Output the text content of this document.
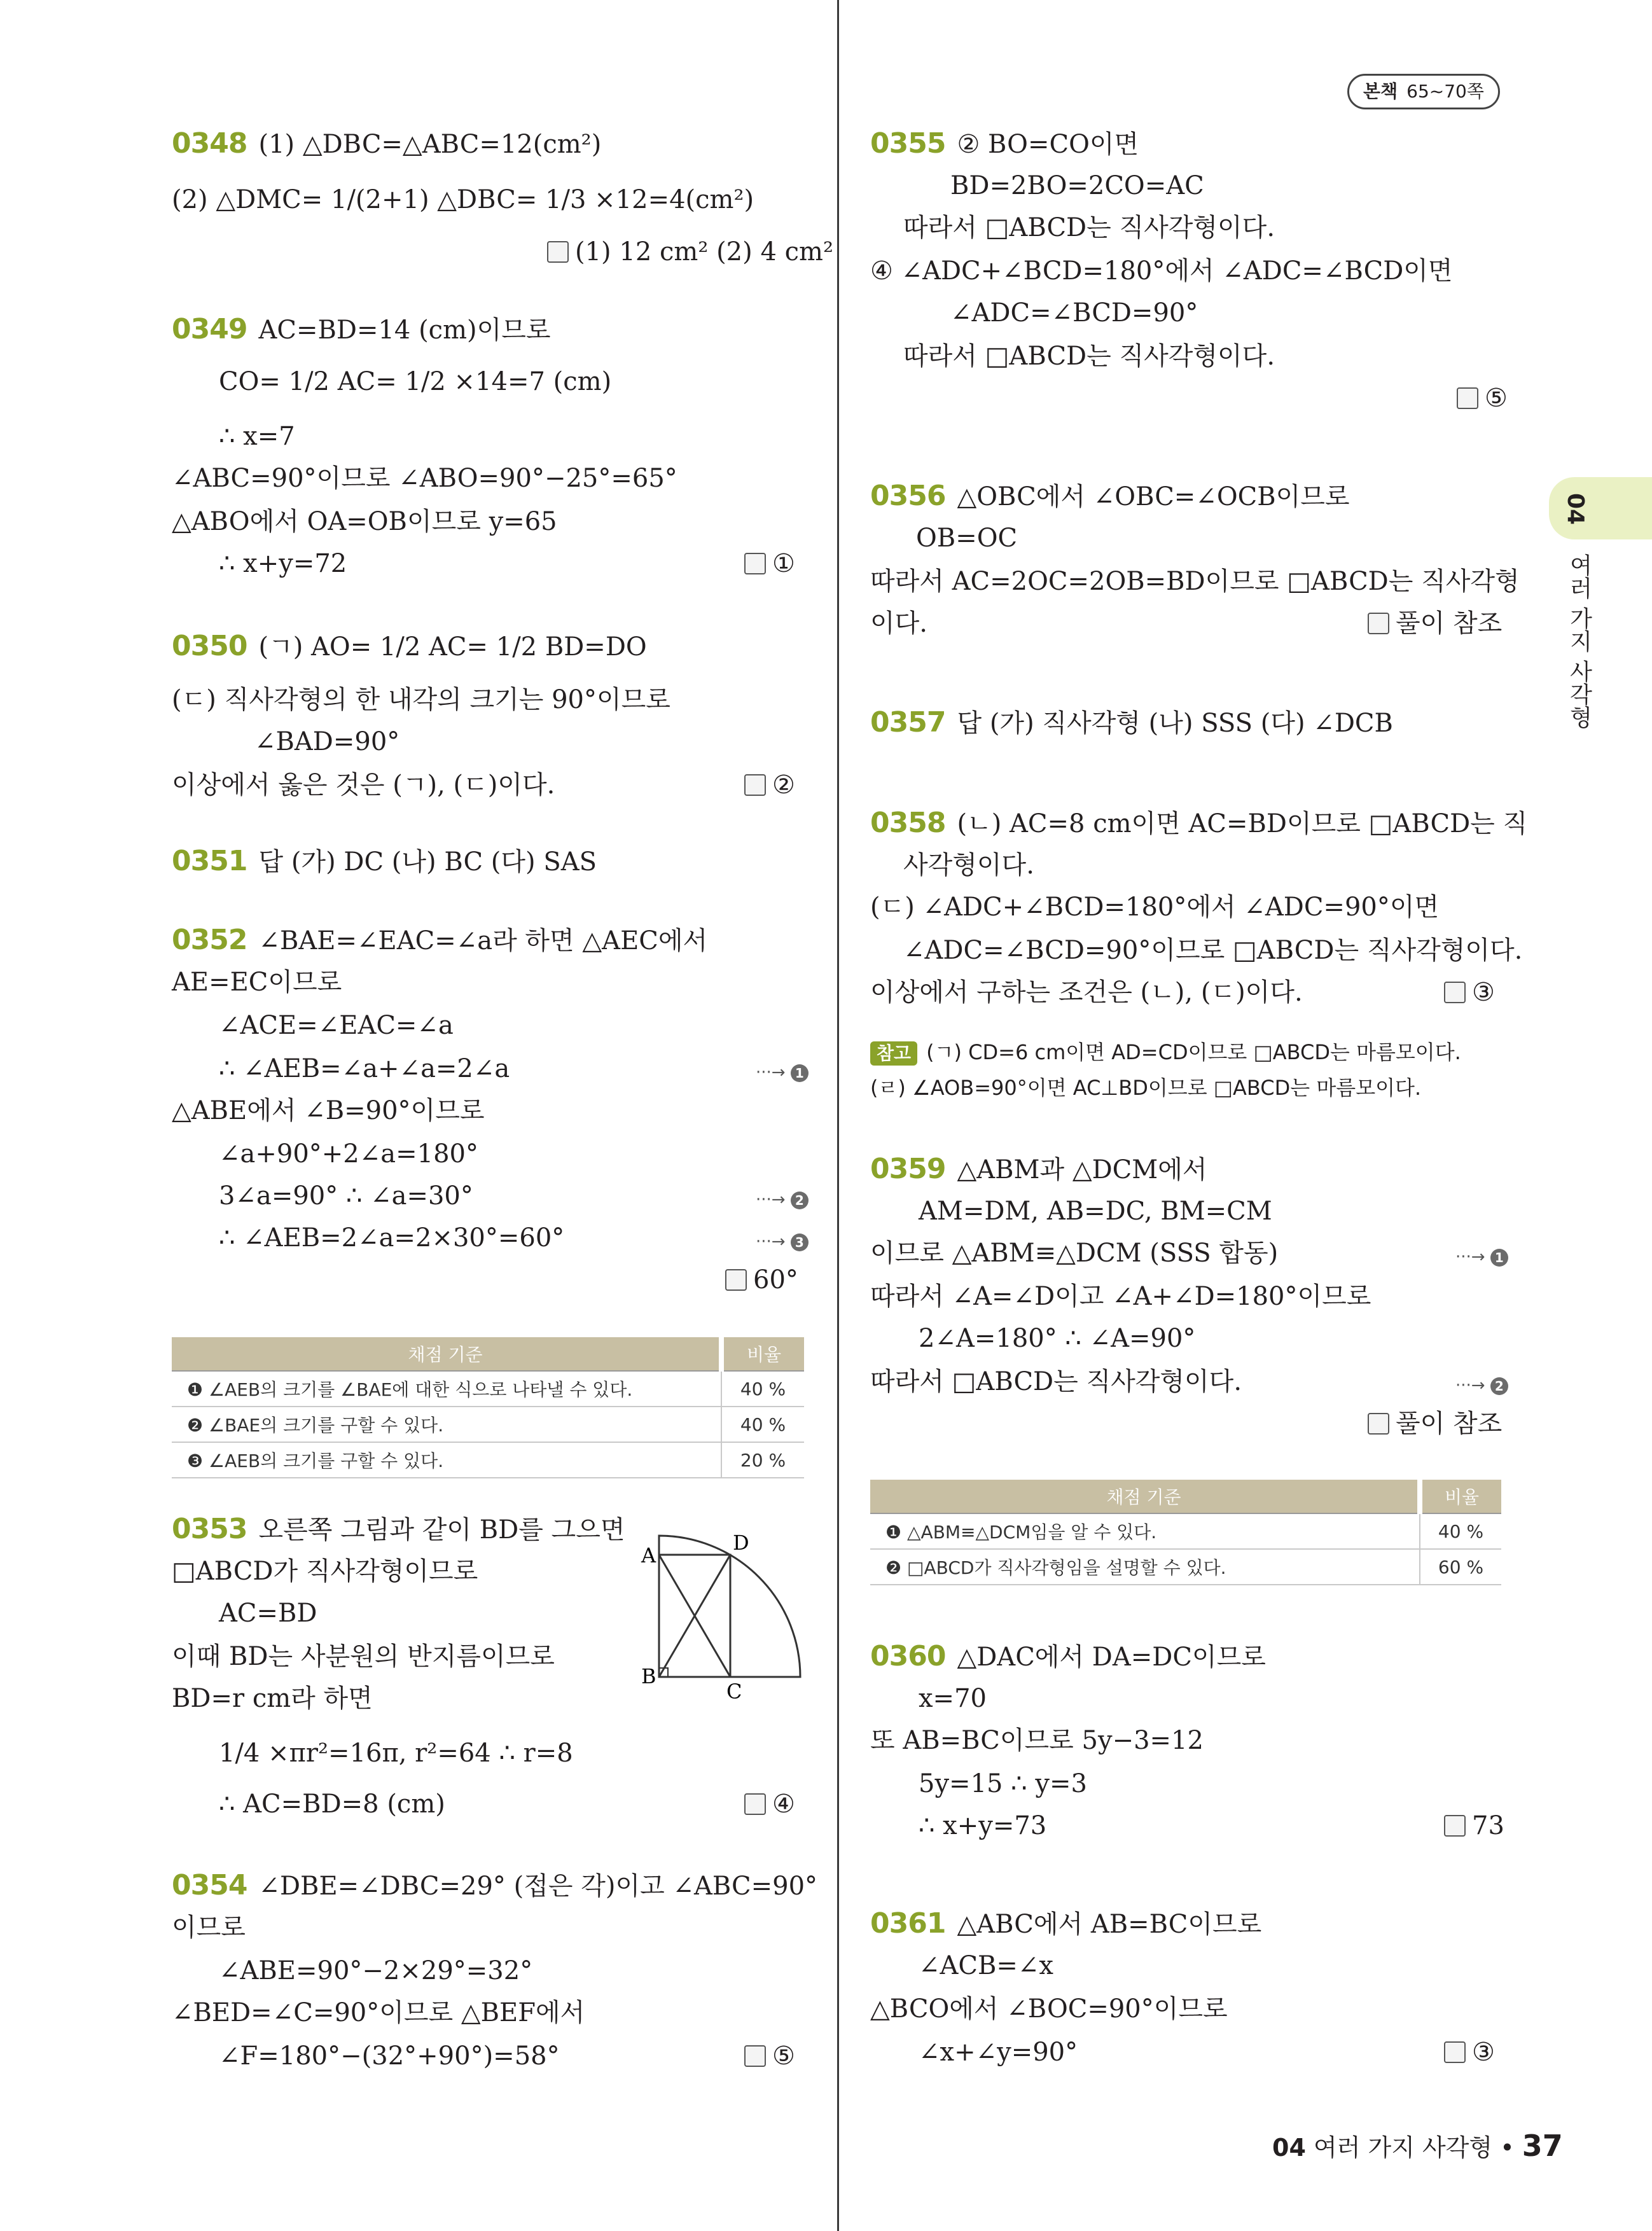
본책 65~70쪽
04
여러 가지 사각형
0348 (1) △DBC=△ABC=12(cm²)
(2) △DMC= 1/(2+1) △DBC= 1/3 ×12=4(cm²)
(1) 12 cm² (2) 4 cm²
0349 AC=BD=14 (cm)이므로
CO= 1/2 AC= 1/2 ×14=7 (cm)
∴ x=7
∠ABC=90°이므로 ∠ABO=90°−25°=65°
△ABO에서 OA=OB이므로 y=65
∴ x+y=72	①
0350 (ㄱ) AO= 1/2 AC= 1/2 BD=DO
(ㄷ) 직사각형의 한 내각의 크기는 90°이므로
∠BAD=90°
이상에서 옳은 것은 (ㄱ), (ㄷ)이다.	②
0351 답 (가) DC (나) BC (다) SAS
0352 ∠BAE=∠EAC=∠a라 하면 △AEC에서
AE=EC이므로
∠ACE=∠EAC=∠a
∴ ∠AEB=∠a+∠a=2∠a
△ABE에서 ∠B=90°이므로
∠a+90°+2∠a=180°
3∠a=90° ∴ ∠a=30°
∴ ∠AEB=2∠a=2×30°=60°
60°
0353 오른쪽 그림과 같이 BD를 그으면
□ABCD가 직사각형이므로
AC=BD
이때 BD는 사분원의 반지름이므로
BD=r cm라 하면
1/4 ×πr²=16π, r²=64 ∴ r=8
∴ AC=BD=8 (cm)	④
0354 ∠DBE=∠DBC=29° (접은 각)이고 ∠ABC=90°
이므로
∠ABE=90°−2×29°=32°
∠BED=∠C=90°이므로 △BEF에서
∠F=180°−(32°+90°)=58°	⑤
0355 ② BO=CO이면
BD=2BO=2CO=AC
따라서 □ABCD는 직사각형이다.
④ ∠ADC+∠BCD=180°에서 ∠ADC=∠BCD이면
∠ADC=∠BCD=90°
따라서 □ABCD는 직사각형이다.
⑤
0356 △OBC에서 ∠OBC=∠OCB이므로
OB=OC
따라서 AC=2OC=2OB=BD이므로 □ABCD는 직사각형
이다.	풀이 참조
0357 답 (가) 직사각형 (나) SSS (다) ∠DCB
0358 (ㄴ) AC=8 cm이면 AC=BD이므로 □ABCD는 직
사각형이다.
(ㄷ) ∠ADC+∠BCD=180°에서 ∠ADC=90°이면
∠ADC=∠BCD=90°이므로 □ABCD는 직사각형이다.
이상에서 구하는 조건은 (ㄴ), (ㄷ)이다.	③
0359 △ABM과 △DCM에서
AM=DM, AB=DC, BM=CM
이므로 △ABM≡△DCM (SSS 합동)
따라서 ∠A=∠D이고 ∠A+∠D=180°이므로
2∠A=180° ∴ ∠A=90°
따라서 □ABCD는 직사각형이다.
풀이 참조
0360 △DAC에서 DA=DC이므로
x=70
또 AB=BC이므로 5y−3=12
5y=15 ∴ y=3
∴ x+y=73	73
0361 △ABC에서 AB=BC이므로
∠ACB=∠x
△BCO에서 ∠BOC=90°이므로
∠x+∠y=90°	③
채점 기준	비율
❶ ∠AEB의 크기를 ∠BAE에 대한 식으로 나타낼 수 있다.	40 %
❷ ∠BAE의 크기를 구할 수 있다.	40 %
❸ ∠AEB의 크기를 구할 수 있다.	20 %
채점 기준	비율
❶ △ABM≡△DCM임을 알 수 있다.	40 %
❷ □ABCD가 직사각형임을 설명할 수 있다.	60 %
참고 (ㄱ) CD=6 cm이면 AD=CD이므로 □ABCD는 마름모이다.
(ㄹ) ∠AOB=90°이면 AC⊥BD이므로 □ABCD는 마름모이다.
A
D
B
C
04 여러 가지 사각형 • 37
···→ 1
···→ 2
···→ 3
···→ 1
···→ 2
